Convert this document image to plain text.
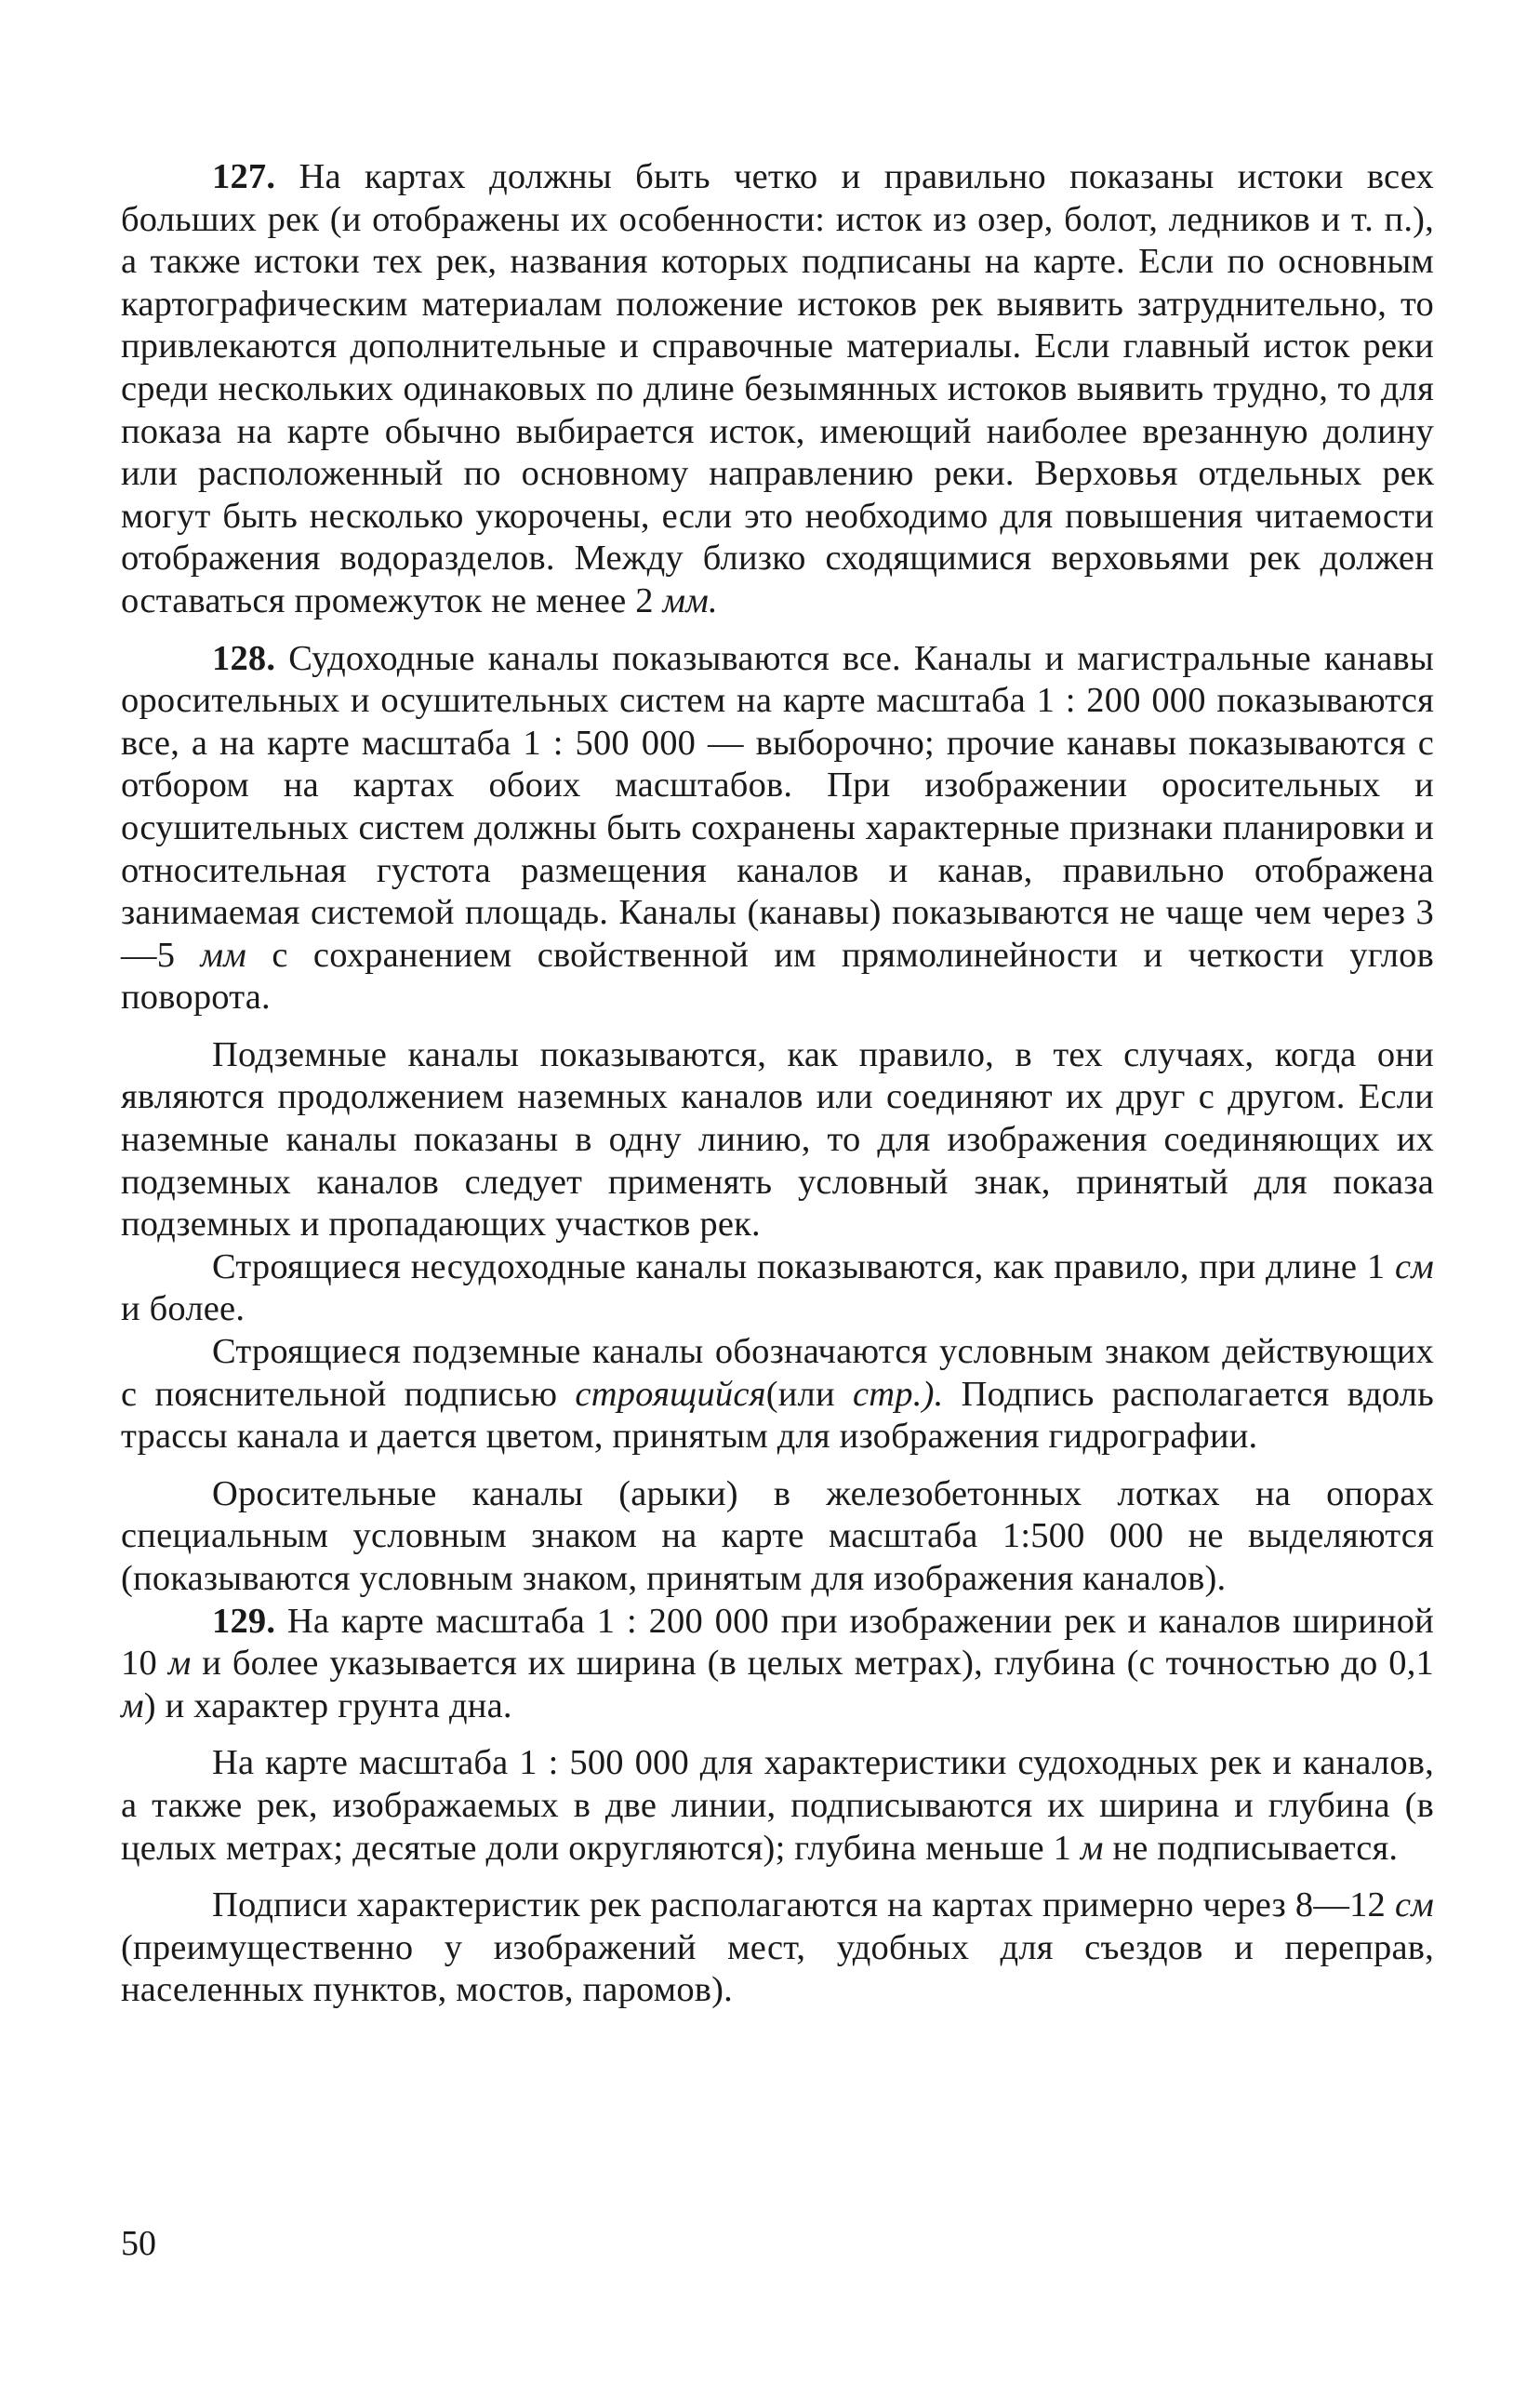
127. На картах должны быть четко и правильно показаны истоки всех больших рек (и отображены их особенности: исток из озер, болот, ледников и т. п.), а также истоки тех рек, названия которых подписаны на карте. Если по основным картографическим материалам положение истоков рек выявить затруднительно, то привлекаются дополнительные и справочные материалы. Если главный исток реки среди нескольких одинаковых по длине безымянных истоков выявить трудно, то для показа на карте обычно выбирается исток, имеющий наиболее врезанную долину или расположенный по основному направлению реки. Верховья отдельных рек могут быть несколько укорочены, если это необходимо для повышения читаемости отображения водоразделов. Между близко сходящимися верховьями рек должен оставаться промежуток не менее 2 мм.

128. Судоходные каналы показываются все. Каналы и магистральные канавы оросительных и осушительных систем на карте масштаба 1 : 200 000 показываются все, а на карте масштаба 1 : 500 000 — выборочно; прочие канавы показываются с отбором на картах обоих масштабов. При изображении оросительных и осушительных систем должны быть сохранены характерные признаки планировки и относительная густота размещения каналов и канав, правильно отображена занимаемая системой площадь. Каналы (канавы) показываются не чаще чем через 3—5 мм с сохранением свойственной им прямолинейности и четкости углов поворота.

Подземные каналы показываются, как правило, в тех случаях, когда они являются продолжением наземных каналов или соединяют их друг с другом. Если наземные каналы показаны в одну линию, то для изображения соединяющих их подземных каналов следует применять условный знак, принятый для показа подземных и пропадающих участков рек.

Строящиеся несудоходные каналы показываются, как правило, при длине 1 см и более.

Строящиеся подземные каналы обозначаются условным знаком действующих с пояснительной подписью строящийся(или стр.). Подпись располагается вдоль трассы канала и дается цветом, принятым для изображения гидрографии.

Оросительные каналы (арыки) в железобетонных лотках на опорах специальным условным знаком на карте масштаба 1:500 000 не выделяются (показываются условным знаком, принятым для изображения каналов).

129. На карте масштаба 1 : 200 000 при изображении рек и каналов шириной 10 м и более указывается их ширина (в целых метрах), глубина (с точностью до 0,1 м) и характер грунта дна.

На карте масштаба 1 : 500 000 для характеристики судоходных рек и каналов, а также рек, изображаемых в две линии, подписываются их ширина и глубина (в целых метрах; десятые доли округляются); глубина меньше 1 м не подписывается.

Подписи характеристик рек располагаются на картах примерно через 8—12 см (преимущественно у изображений мест, удобных для съездов и переправ, населенных пунктов, мостов, паромов).

50
